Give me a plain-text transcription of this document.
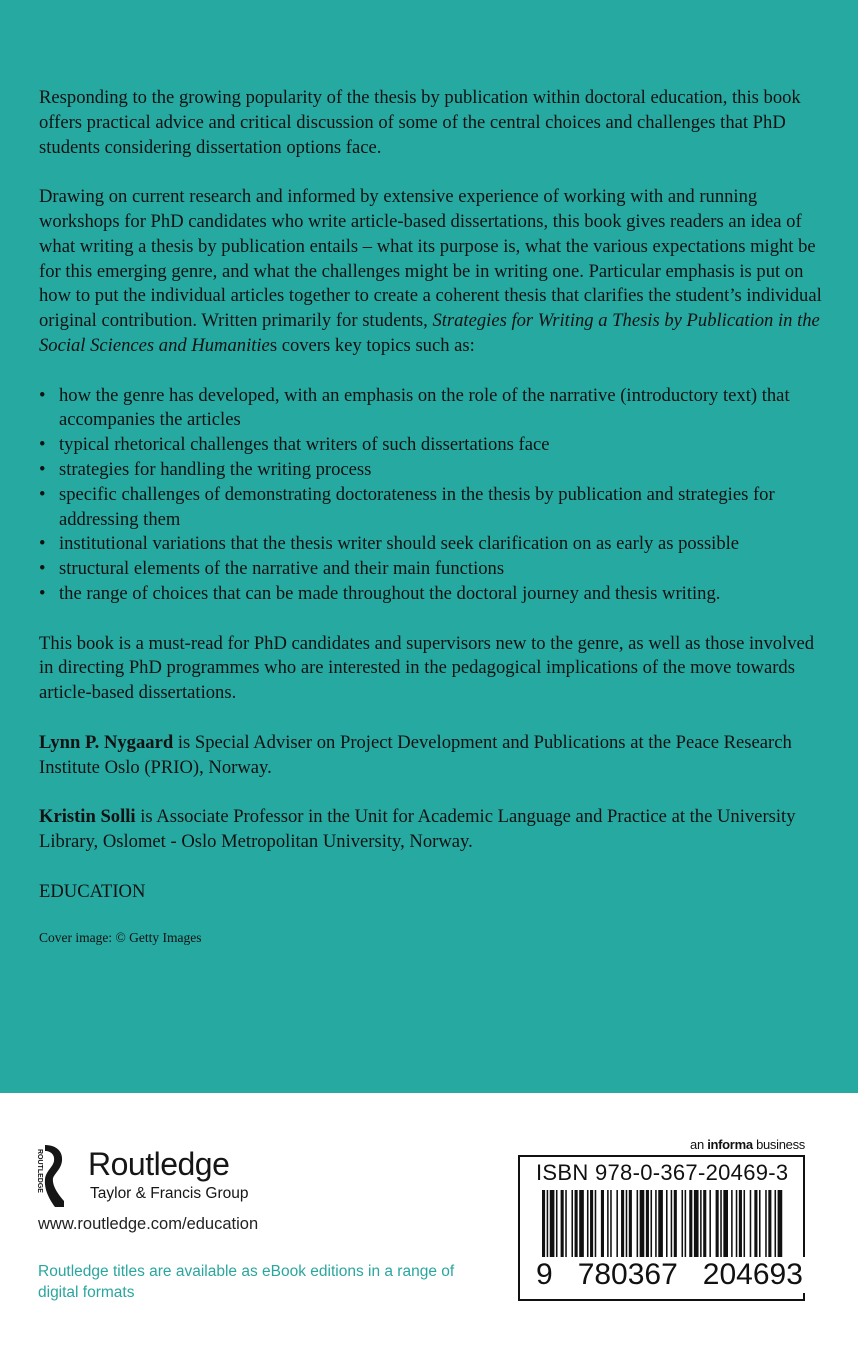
Responding to the growing popularity of the thesis by publication within doctoral education, this book offers practical advice and critical discussion of some of the central choices and challenges that PhD students considering dissertation options face.

Drawing on current research and informed by extensive experience of working with and running workshops for PhD candidates who write article-based dissertations, this book gives readers an idea of what writing a thesis by publication entails – what its purpose is, what the various expectations might be for this emerging genre, and what the challenges might be in writing one. Particular emphasis is put on how to put the individual articles together to create a coherent thesis that clarifies the student’s individual original contribution. Written primarily for students, Strategies for Writing a Thesis by Publication in the Social Sciences and Humanities covers key topics such as:

• how the genre has developed, with an emphasis on the role of the narrative (introductory text) that accompanies the articles
• typical rhetorical challenges that writers of such dissertations face
• strategies for handling the writing process
• specific challenges of demonstrating doctorateness in the thesis by publication and strategies for addressing them
• institutional variations that the thesis writer should seek clarification on as early as possible
• structural elements of the narrative and their main functions
• the range of choices that can be made throughout the doctoral journey and thesis writing.

This book is a must-read for PhD candidates and supervisors new to the genre, as well as those involved in directing PhD programmes who are interested in the pedagogical implications of the move towards article-based dissertations.

Lynn P. Nygaard is Special Adviser on Project Development and Publications at the Peace Research Institute Oslo (PRIO), Norway.

Kristin Solli is Associate Professor in the Unit for Academic Language and Practice at the University Library, Oslomet - Oslo Metropolitan University, Norway.

EDUCATION

Cover image: © Getty Images

ROUTLEDGE Routledge
Taylor & Francis Group
www.routledge.com/education
Routledge titles are available as eBook editions in a range of digital formats
an informa business
ISBN 978-0-367-20469-3
9   780367   204693
